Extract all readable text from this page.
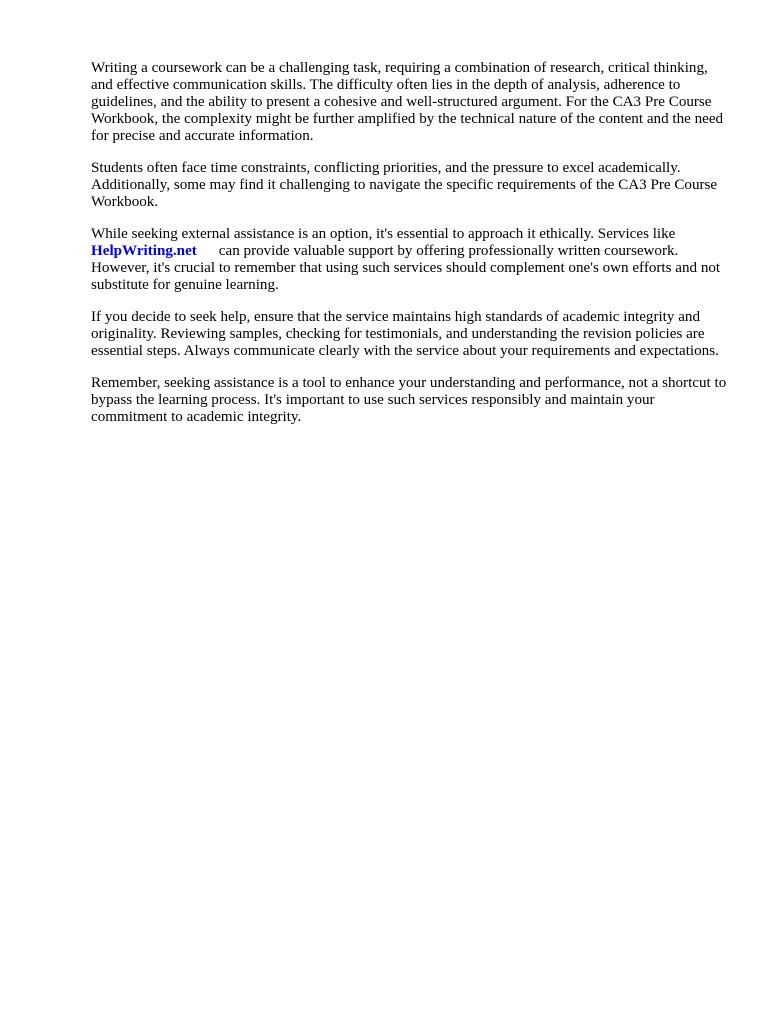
Writing a coursework can be a challenging task, requiring a combination of research, critical thinking, and effective communication skills. The difficulty often lies in the depth of analysis, adherence to guidelines, and the ability to present a cohesive and well-structured argument. For the CA3 Pre Course Workbook, the complexity might be further amplified by the technical nature of the content and the need for precise and accurate information.

Students often face time constraints, conflicting priorities, and the pressure to excel academically. Additionally, some may find it challenging to navigate the specific requirements of the CA3 Pre Course Workbook.

While seeking external assistance is an option, it's essential to approach it ethically. Services like
HelpWriting.net can provide valuable support by offering professionally written coursework. However, it's crucial to remember that using such services should complement one's own efforts and not substitute for genuine learning.

If you decide to seek help, ensure that the service maintains high standards of academic integrity and originality. Reviewing samples, checking for testimonials, and understanding the revision policies are essential steps. Always communicate clearly with the service about your requirements and expectations.

Remember, seeking assistance is a tool to enhance your understanding and performance, not a shortcut to bypass the learning process. It's important to use such services responsibly and maintain your commitment to academic integrity.
